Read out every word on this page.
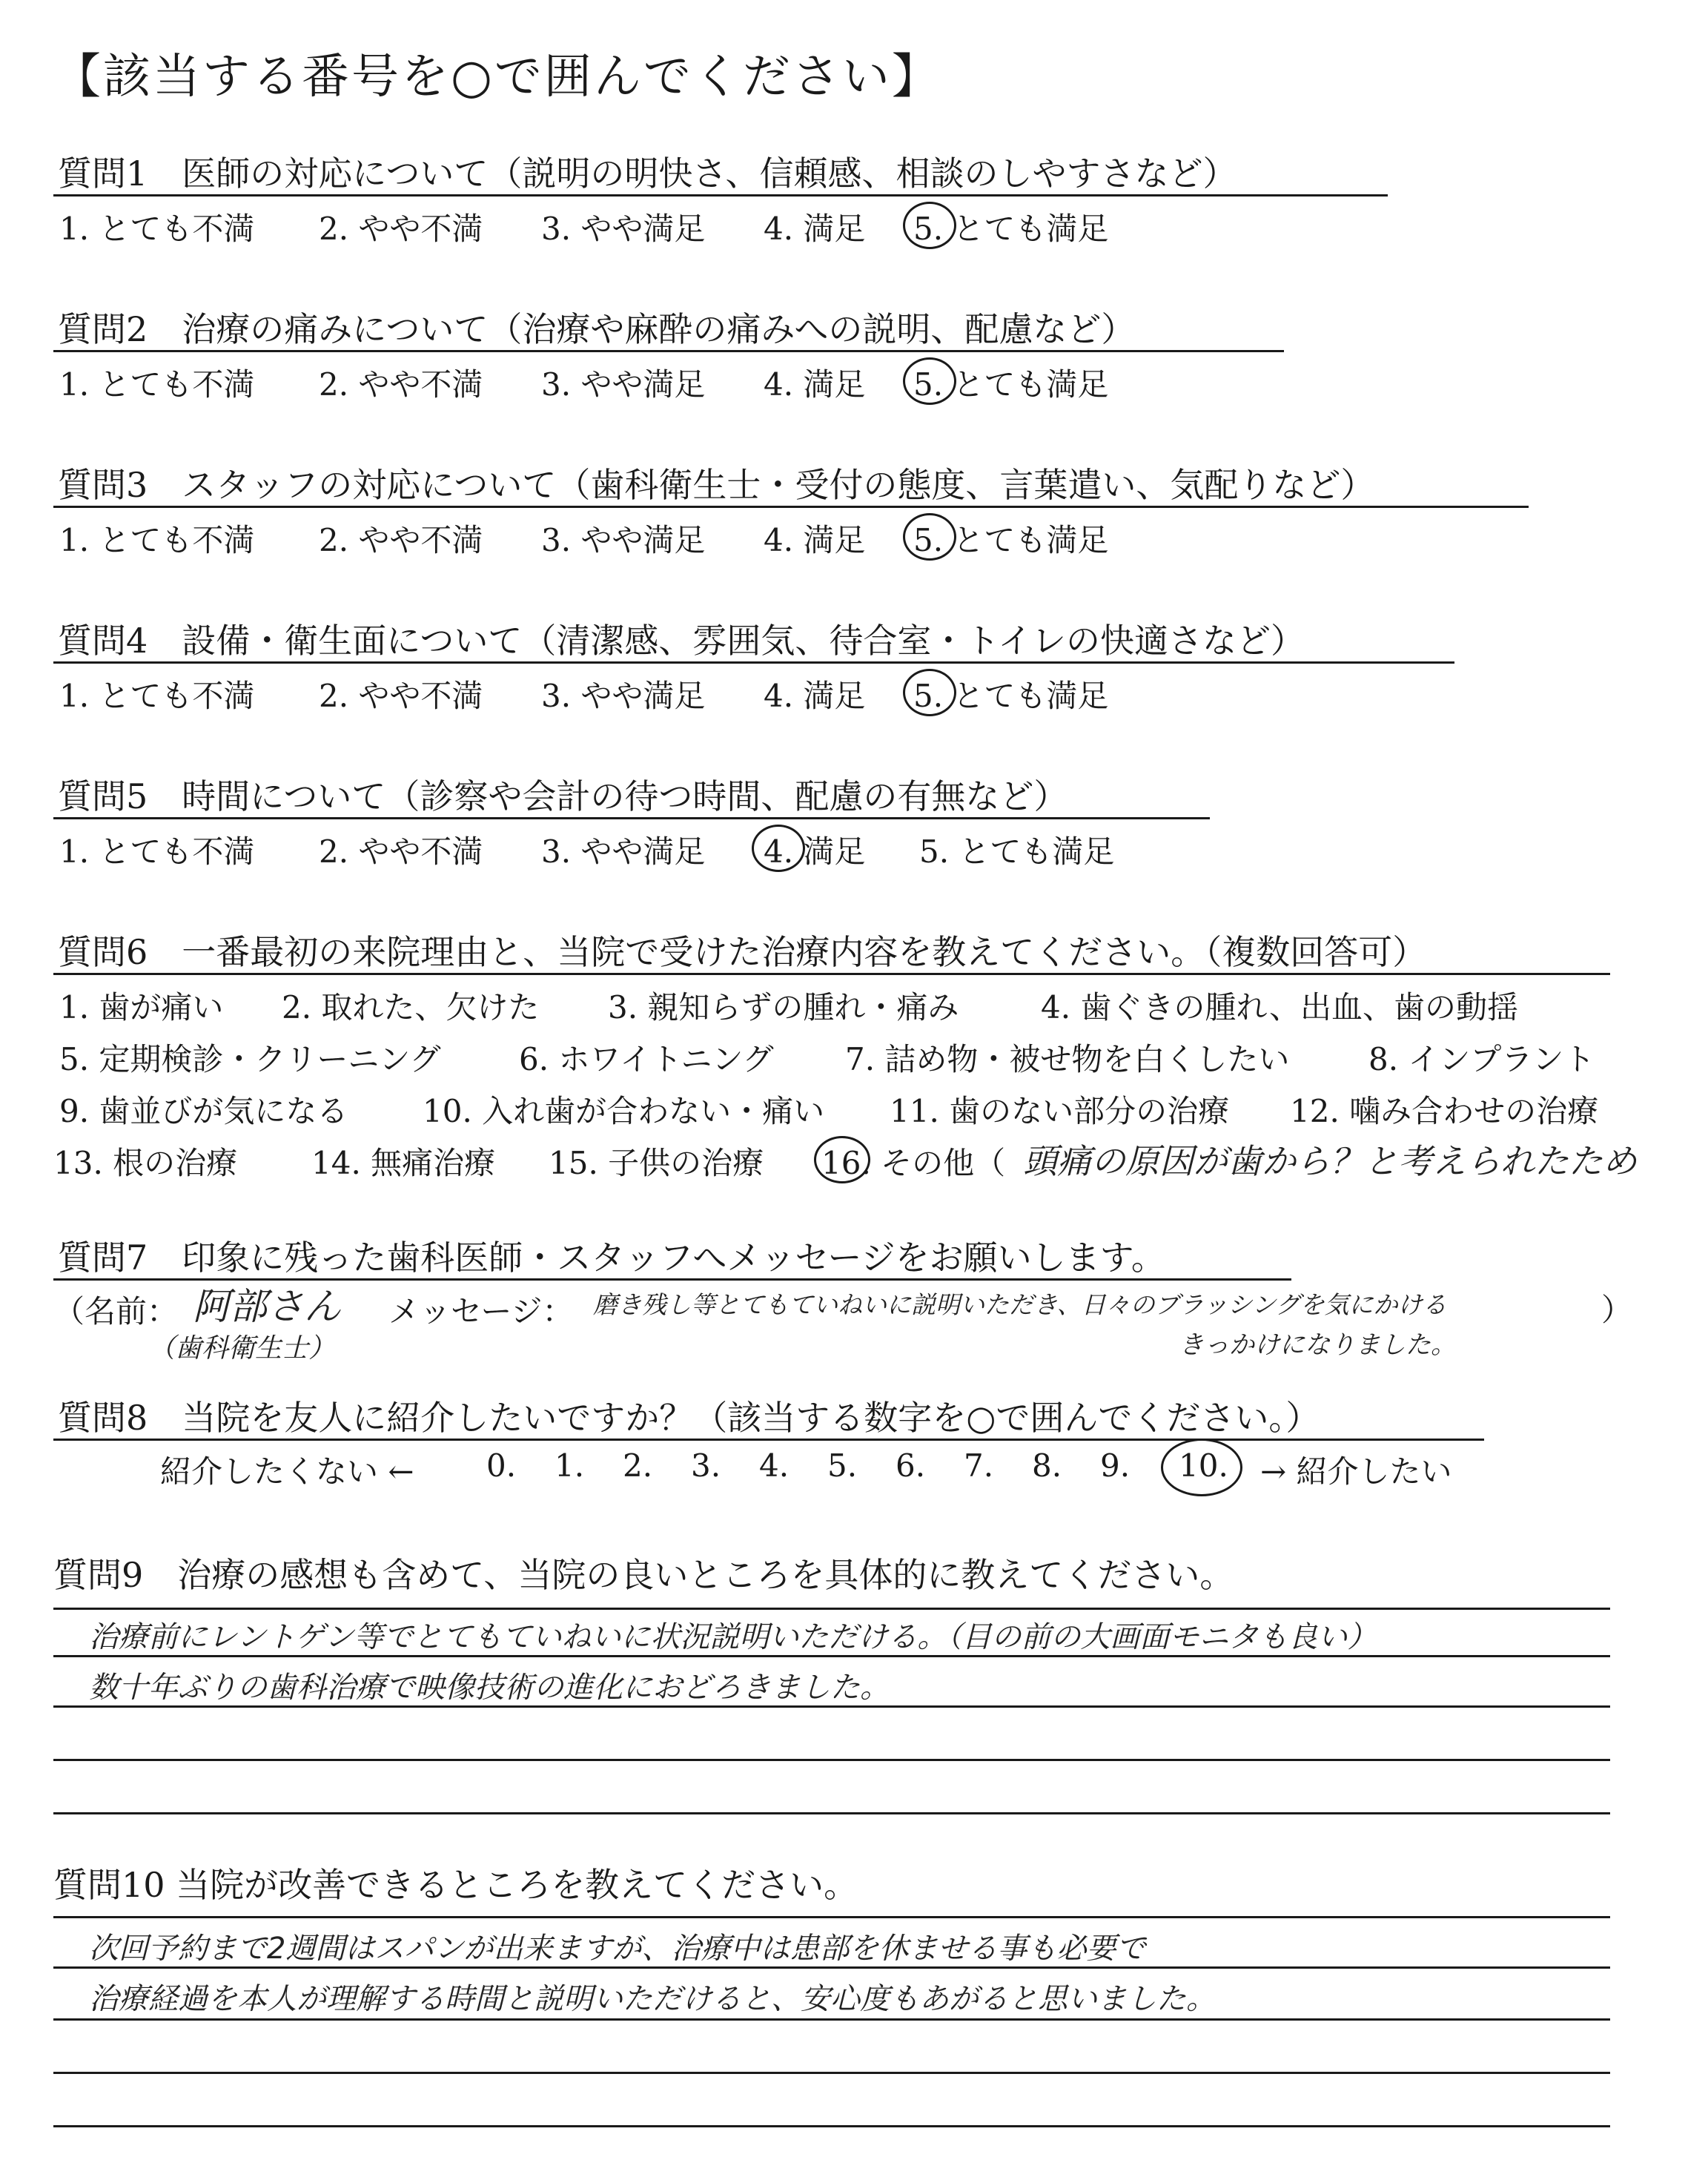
【該当する番号を○で囲んでください】
質問1　医師の対応について（説明の明快さ、信頼感、相談のしやすさなど）
1. とても不満 2. やや不満 3. やや満足 4. 満足 5. とても満足
質問2　治療の痛みについて（治療や麻酔の痛みへの説明、配慮など）
1. とても不満 2. やや不満 3. やや満足 4. 満足 5. とても満足
質問3　スタッフの対応について（歯科衛生士・受付の態度、言葉遣い、気配りなど）
1. とても不満 2. やや不満 3. やや満足 4. 満足 5. とても満足
質問4　設備・衛生面について（清潔感、雰囲気、待合室・トイレの快適さなど）
1. とても不満 2. やや不満 3. やや満足 4. 満足 5. とても満足
質問5　時間について（診察や会計の待つ時間、配慮の有無など）
1. とても不満 2. やや不満 3. やや満足 4. 満足 5. とても満足
質問6　一番最初の来院理由と、当院で受けた治療内容を教えてください。（複数回答可）
1. 歯が痛い 2. 取れた、欠けた 3. 親知らずの腫れ・痛み	4. 歯ぐきの腫れ、出血、歯の動揺
5. 定期検診・クリーニング	6. ホワイトニング 7. 詰め物・被せ物を白くしたい	8. インプラント
9. 歯並びが気になる 10. 入れ歯が合わない・痛い 11. 歯のない部分の治療 12. 噛み合わせの治療
13. 根の治療 14. 無痛治療 15. 子供の治療 16. その他（ 頭痛の原因が歯から？と考えられたため
質問7　印象に残った歯科医師・スタッフへメッセージをお願いします。
（名前： 阿部さん
（歯科衛生士）
メッセージ： 磨き残し等とてもていねいに説明いただき、日々のブラッシングを気にかける
きっかけになりました。
）
質問8　当院を友人に紹介したいですか？（該当する数字を○で囲んでください。）
紹介したくない ← 0. 1. 2. 3. 4. 5. 6. 7. 8. 9. 10. → 紹介したい
質問9　治療の感想も含めて、当院の良いところを具体的に教えてください。
治療前にレントゲン等でとてもていねいに状況説明いただける。（目の前の大画面モニタも良い）
数十年ぶりの歯科治療で映像技術の進化におどろきました。
質問10 当院が改善できるところを教えてください。
次回予約まで2週間はスパンが出来ますが、治療中は患部を休ませる事も必要で
治療経過を本人が理解する時間と説明いただけると、安心度もあがると思いました。
